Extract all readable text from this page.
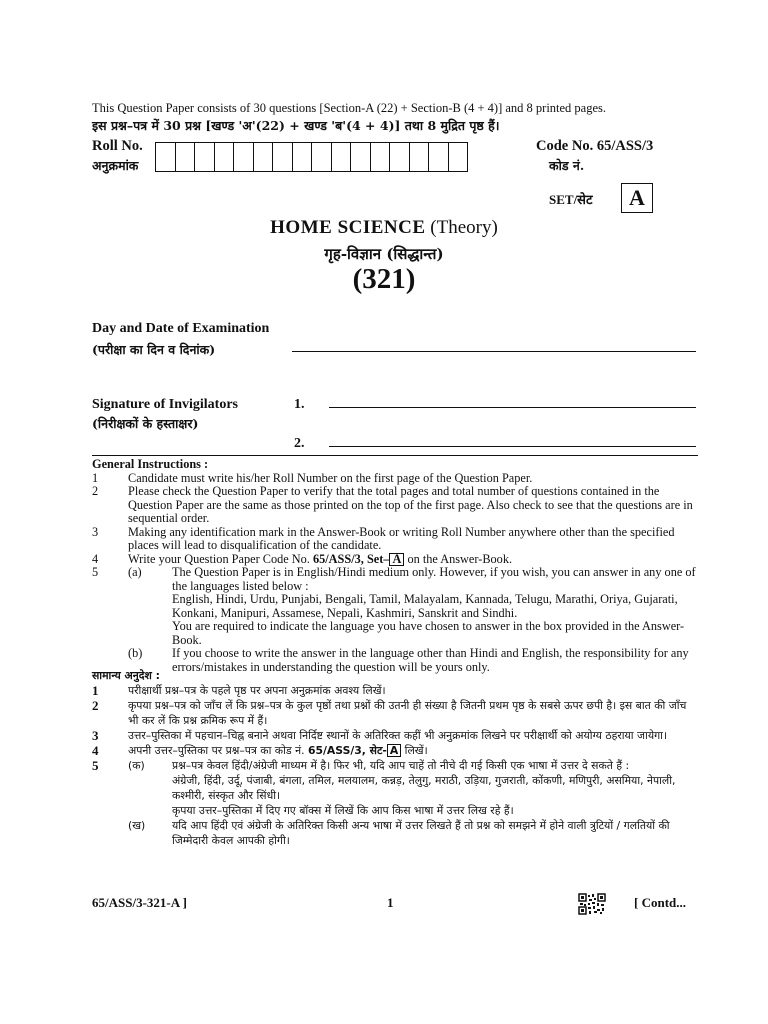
This Question Paper consists of 30 questions [Section-A (22) + Section-B (4 + 4)] and 8 printed pages.
इस प्रश्न–पत्र में 30 प्रश्न [खण्ड 'अ'(22) + खण्ड 'ब'(4 + 4)] तथा 8 मुद्रित पृष्ठ हैं।
Roll No.
अनुक्रमांक
Code No. 65/ASS/3
कोड नं.
SET/सेट	A
HOME SCIENCE (Theory)
गृह-विज्ञान (सिद्धान्त)
(321)
Day and Date of Examination
(परीक्षा का दिन व दिनांक)
Signature of Invigilators
(निरीक्षकों के हस्ताक्षर)
1.
2.
General Instructions :
1	Candidate must write his/her Roll Number on the first page of the Question Paper.
2	Please check the Question Paper to verify that the total pages and total number of questions contained in the Question Paper are the same as those printed on the top of the first page. Also check to see that the questions are in sequential order.
3	Making any identification mark in the Answer-Book or writing Roll Number anywhere other than the specified places will lead to disqualification of the candidate.
4	Write your Question Paper Code No. 65/ASS/3, Set– A on the Answer-Book.
5	(a)	The Question Paper is in English/Hindi medium only. However, if you wish, you can answer in any one of the languages listed below :
English, Hindi, Urdu, Punjabi, Bengali, Tamil, Malayalam, Kannada, Telugu, Marathi, Oriya, Gujarati, Konkani, Manipuri, Assamese, Nepali, Kashmiri, Sanskrit and Sindhi.
You are required to indicate the language you have chosen to answer in the box provided in the Answer-Book.
(b)	If you choose to write the answer in the language other than Hindi and English, the responsibility for any errors/mistakes in understanding the question will be yours only.
सामान्य अनुदेश :
1	परीक्षार्थी प्रश्न–पत्र के पहले पृष्ठ पर अपना अनुक्रमांक अवश्य लिखें।
2	कृपया प्रश्न–पत्र को जाँच लें कि प्रश्न–पत्र के कुल पृष्ठों तथा प्रश्नों की उतनी ही संख्या है जितनी प्रथम पृष्ठ के सबसे ऊपर छपी है। इस बात की जाँच भी कर लें कि प्रश्न क्रमिक रूप में हैं।
3	उत्तर–पुस्तिका में पहचान–चिह्न बनाने अथवा निर्दिष्ट स्थानों के अतिरिक्त कहीं भी अनुक्रमांक लिखने पर परीक्षार्थी को अयोग्य ठहराया जायेगा।
4	अपनी उत्तर–पुस्तिका पर प्रश्न–पत्र का कोड नं. 65/ASS/3, सेट- A लिखें।
5	(क)	प्रश्न–पत्र केवल हिंदी/अंग्रेजी माध्यम में है। फिर भी, यदि आप चाहें तो नीचे दी गई किसी एक भाषा में उत्तर दे सकते हैं :
अंग्रेजी, हिंदी, उर्दू, पंजाबी, बंगला, तमिल, मलयालम, कन्नड़, तेलुगु, मराठी, उड़िया, गुजराती, कोंकणी, मणिपुरी, असमिया, नेपाली, कश्मीरी, संस्कृत और सिंधी।
कृपया उत्तर–पुस्तिका में दिए गए बॉक्स में लिखें कि आप किस भाषा में उत्तर लिख रहे हैं।
(ख)	यदि आप हिंदी एवं अंग्रेजी के अतिरिक्त किसी अन्य भाषा में उत्तर लिखते हैं तो प्रश्न को समझने में होने वाली त्रुटियों / गलतियों की जिम्मेदारी केवल आपकी होगी।
65/ASS/3-321-A ]	1	[ Contd...
